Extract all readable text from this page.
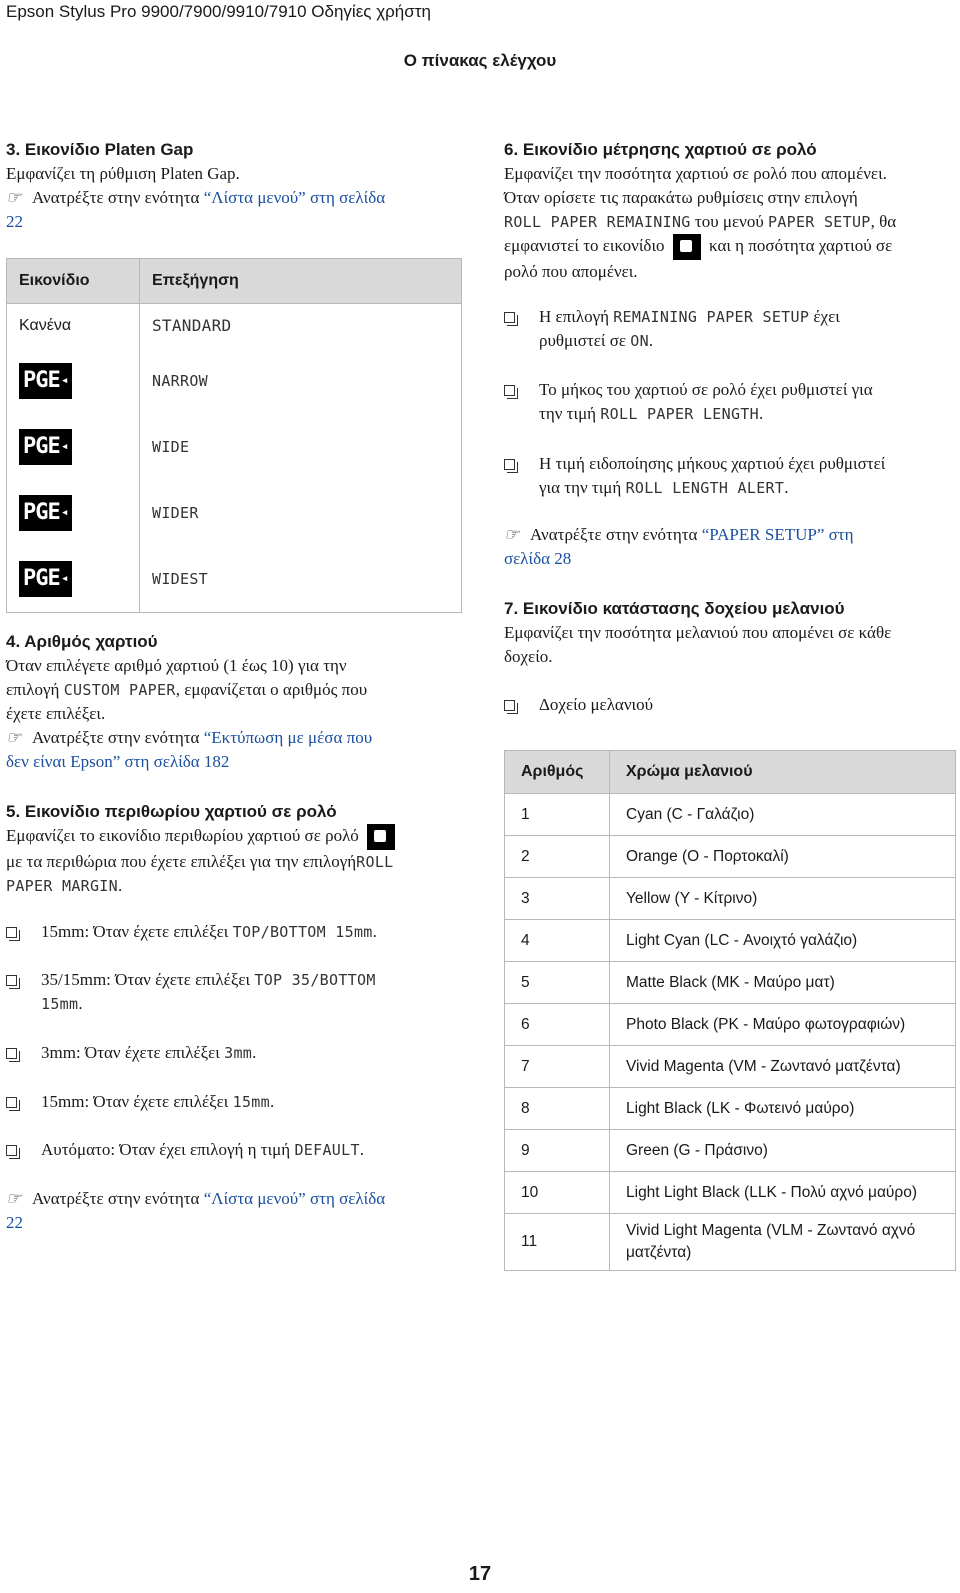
Epson Stylus Pro 9900/7900/9910/7910 Οδηγίες χρήστη
Ο πίνακας ελέγχου
3. Εικονίδιο Platen Gap
Εμφανίζει τη ρύθμιση Platen Gap.
☞ Ανατρέξτε στην ενότητα “Λίστα μενού” στη σελίδα
22
Εικονίδιο	Επεξήγηση
Κανένα	STANDARD
PGE◂	NARROW
PGE◂	WIDE
PGE◂	WIDER
PGE◂	WIDEST
4. Αριθμός χαρτιού
Όταν επιλέγετε αριθμό χαρτιού (1 έως 10) για την
επιλογή CUSTOM PAPER, εμφανίζεται ο αριθμός που
έχετε επιλέξει.
☞ Ανατρέξτε στην ενότητα “Εκτύπωση με μέσα που
δεν είναι Epson” στη σελίδα 182
5. Εικονίδιο περιθωρίου χαρτιού σε ρολό
Εμφανίζει το εικονίδιο περιθωρίου χαρτιού σε ρολό
με τα περιθώρια που έχετε επιλέξει για την επιλογήROLL
PAPER MARGIN.
15mm: Όταν έχετε επιλέξει TOP/BOTTOM 15mm.
35/15mm: Όταν έχετε επιλέξει TOP 35/BOTTOM
15mm.
3mm: Όταν έχετε επιλέξει 3mm.
15mm: Όταν έχετε επιλέξει 15mm.
Αυτόματο: Όταν έχει επιλογή η τιμή DEFAULT.
☞ Ανατρέξτε στην ενότητα “Λίστα μενού” στη σελίδα
22
6. Εικονίδιο μέτρησης χαρτιού σε ρολό
Εμφανίζει την ποσότητα χαρτιού σε ρολό που απομένει.
Όταν ορίσετε τις παρακάτω ρυθμίσεις στην επιλογή
ROLL PAPER REMAINING του μενού PAPER SETUP, θα
εμφανιστεί το εικονίδιο	και η ποσότητα χαρτιού σε
ρολό που απομένει.
Η επιλογή REMAINING PAPER SETUP έχει
ρυθμιστεί σε ON.
Το μήκος του χαρτιού σε ρολό έχει ρυθμιστεί για
την τιμή ROLL PAPER LENGTH.
Η τιμή ειδοποίησης μήκους χαρτιού έχει ρυθμιστεί
για την τιμή ROLL LENGTH ALERT.
☞ Ανατρέξτε στην ενότητα “PAPER SETUP” στη
σελίδα 28
7. Εικονίδιο κατάστασης δοχείου μελανιού
Εμφανίζει την ποσότητα μελανιού που απομένει σε κάθε
δοχείο.
Δοχείο μελανιού
Αριθμός	Χρώμα μελανιού
1	Cyan (C - Γαλάζιο)
2	Orange (O - Πορτοκαλί)
3	Yellow (Y - Κίτρινο)
4	Light Cyan (LC - Ανοιχτό γαλάζιο)
5	Matte Black (MK - Μαύρο ματ)
6	Photo Black (PK - Μαύρο φωτογραφιών)
7	Vivid Magenta (VM - Ζωντανό ματζέντα)
8	Light Black (LK - Φωτεινό μαύρο)
9	Green (G - Πράσινο)
10	Light Light Black (LLK - Πολύ αχνό μαύρο)
11	Vivid Light Magenta (VLM - Ζωντανό αχνό ματζέντα)
17
